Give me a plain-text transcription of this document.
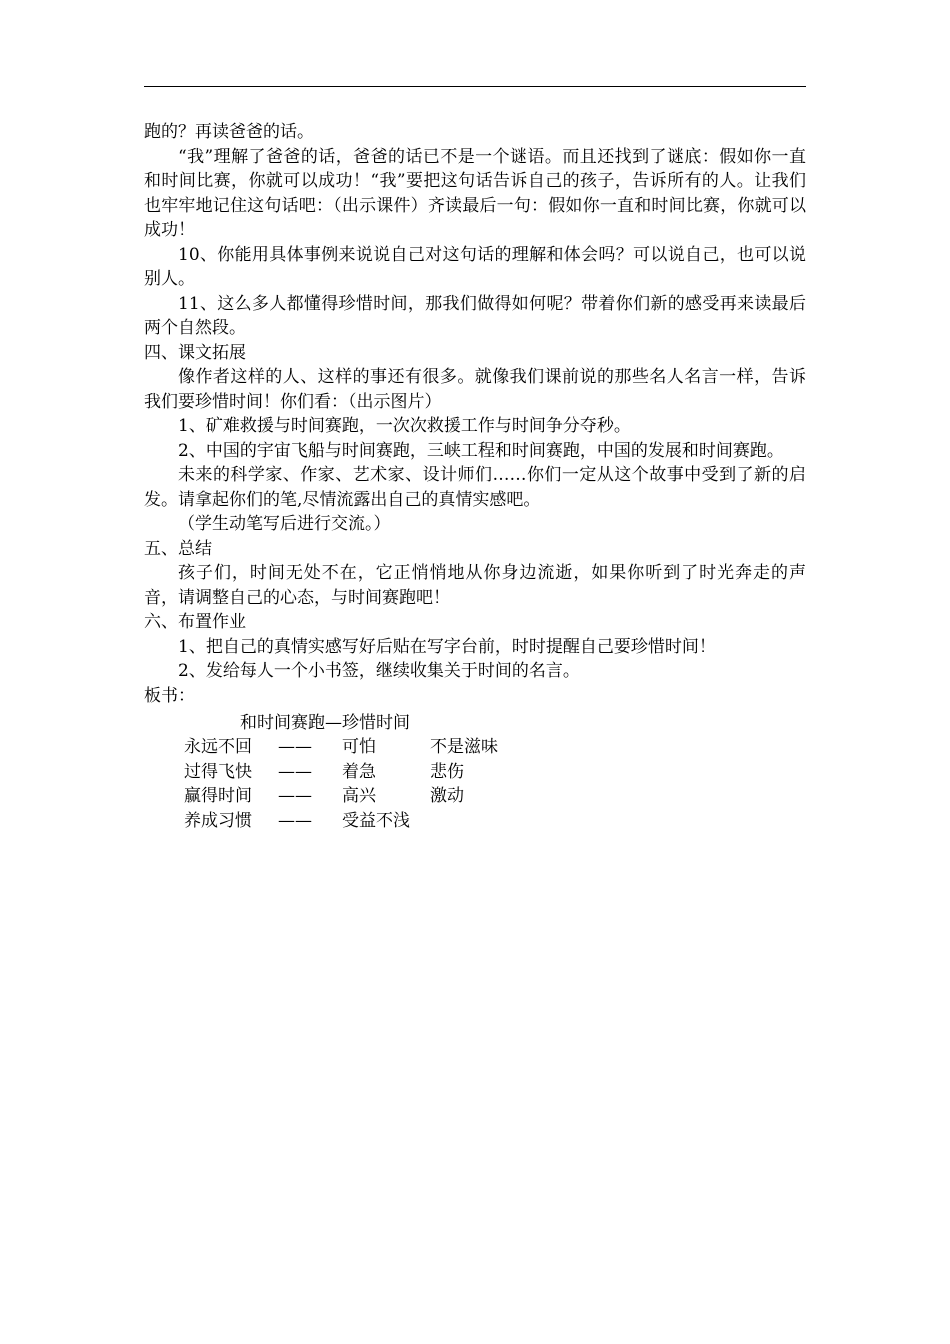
跑的？再读爸爸的话。

“我”理解了爸爸的话，爸爸的话已不是一个谜语。而且还找到了谜底：假如你一直和时间比赛，你就可以成功！“我”要把这句话告诉自己的孩子，告诉所有的人。让我们也牢牢地记住这句话吧：（出示课件）齐读最后一句：假如你一直和时间比赛，你就可以成功！

10、你能用具体事例来说说自己对这句话的理解和体会吗？可以说自己，也可以说别人。

11、这么多人都懂得珍惜时间，那我们做得如何呢？带着你们新的感受再来读最后两个自然段。

四、课文拓展

像作者这样的人、这样的事还有很多。就像我们课前说的那些名人名言一样，告诉我们要珍惜时间！你们看：（出示图片）

1、矿难救援与时间赛跑，一次次救援工作与时间争分夺秒。

2、中国的宇宙飞船与时间赛跑，三峡工程和时间赛跑，中国的发展和时间赛跑。

未来的科学家、作家、艺术家、设计师们……你们一定从这个故事中受到了新的启发。请拿起你们的笔,尽情流露出自己的真情实感吧。

（学生动笔写后进行交流。）

五、总结

孩子们，时间无处不在，它正悄悄地从你身边流逝，如果你听到了时光奔走的声音，请调整自己的心态，与时间赛跑吧！

六、布置作业

1、把自己的真情实感写好后贴在写字台前，时时提醒自己要珍惜时间！

2、发给每人一个小书签，继续收集关于时间的名言。

板书：

和时间赛跑—珍惜时间
永远不回 —— 可怕	不是滋味
过得飞快 —— 着急	悲伤
赢得时间 —— 高兴	激动
养成习惯 —— 受益不浅
